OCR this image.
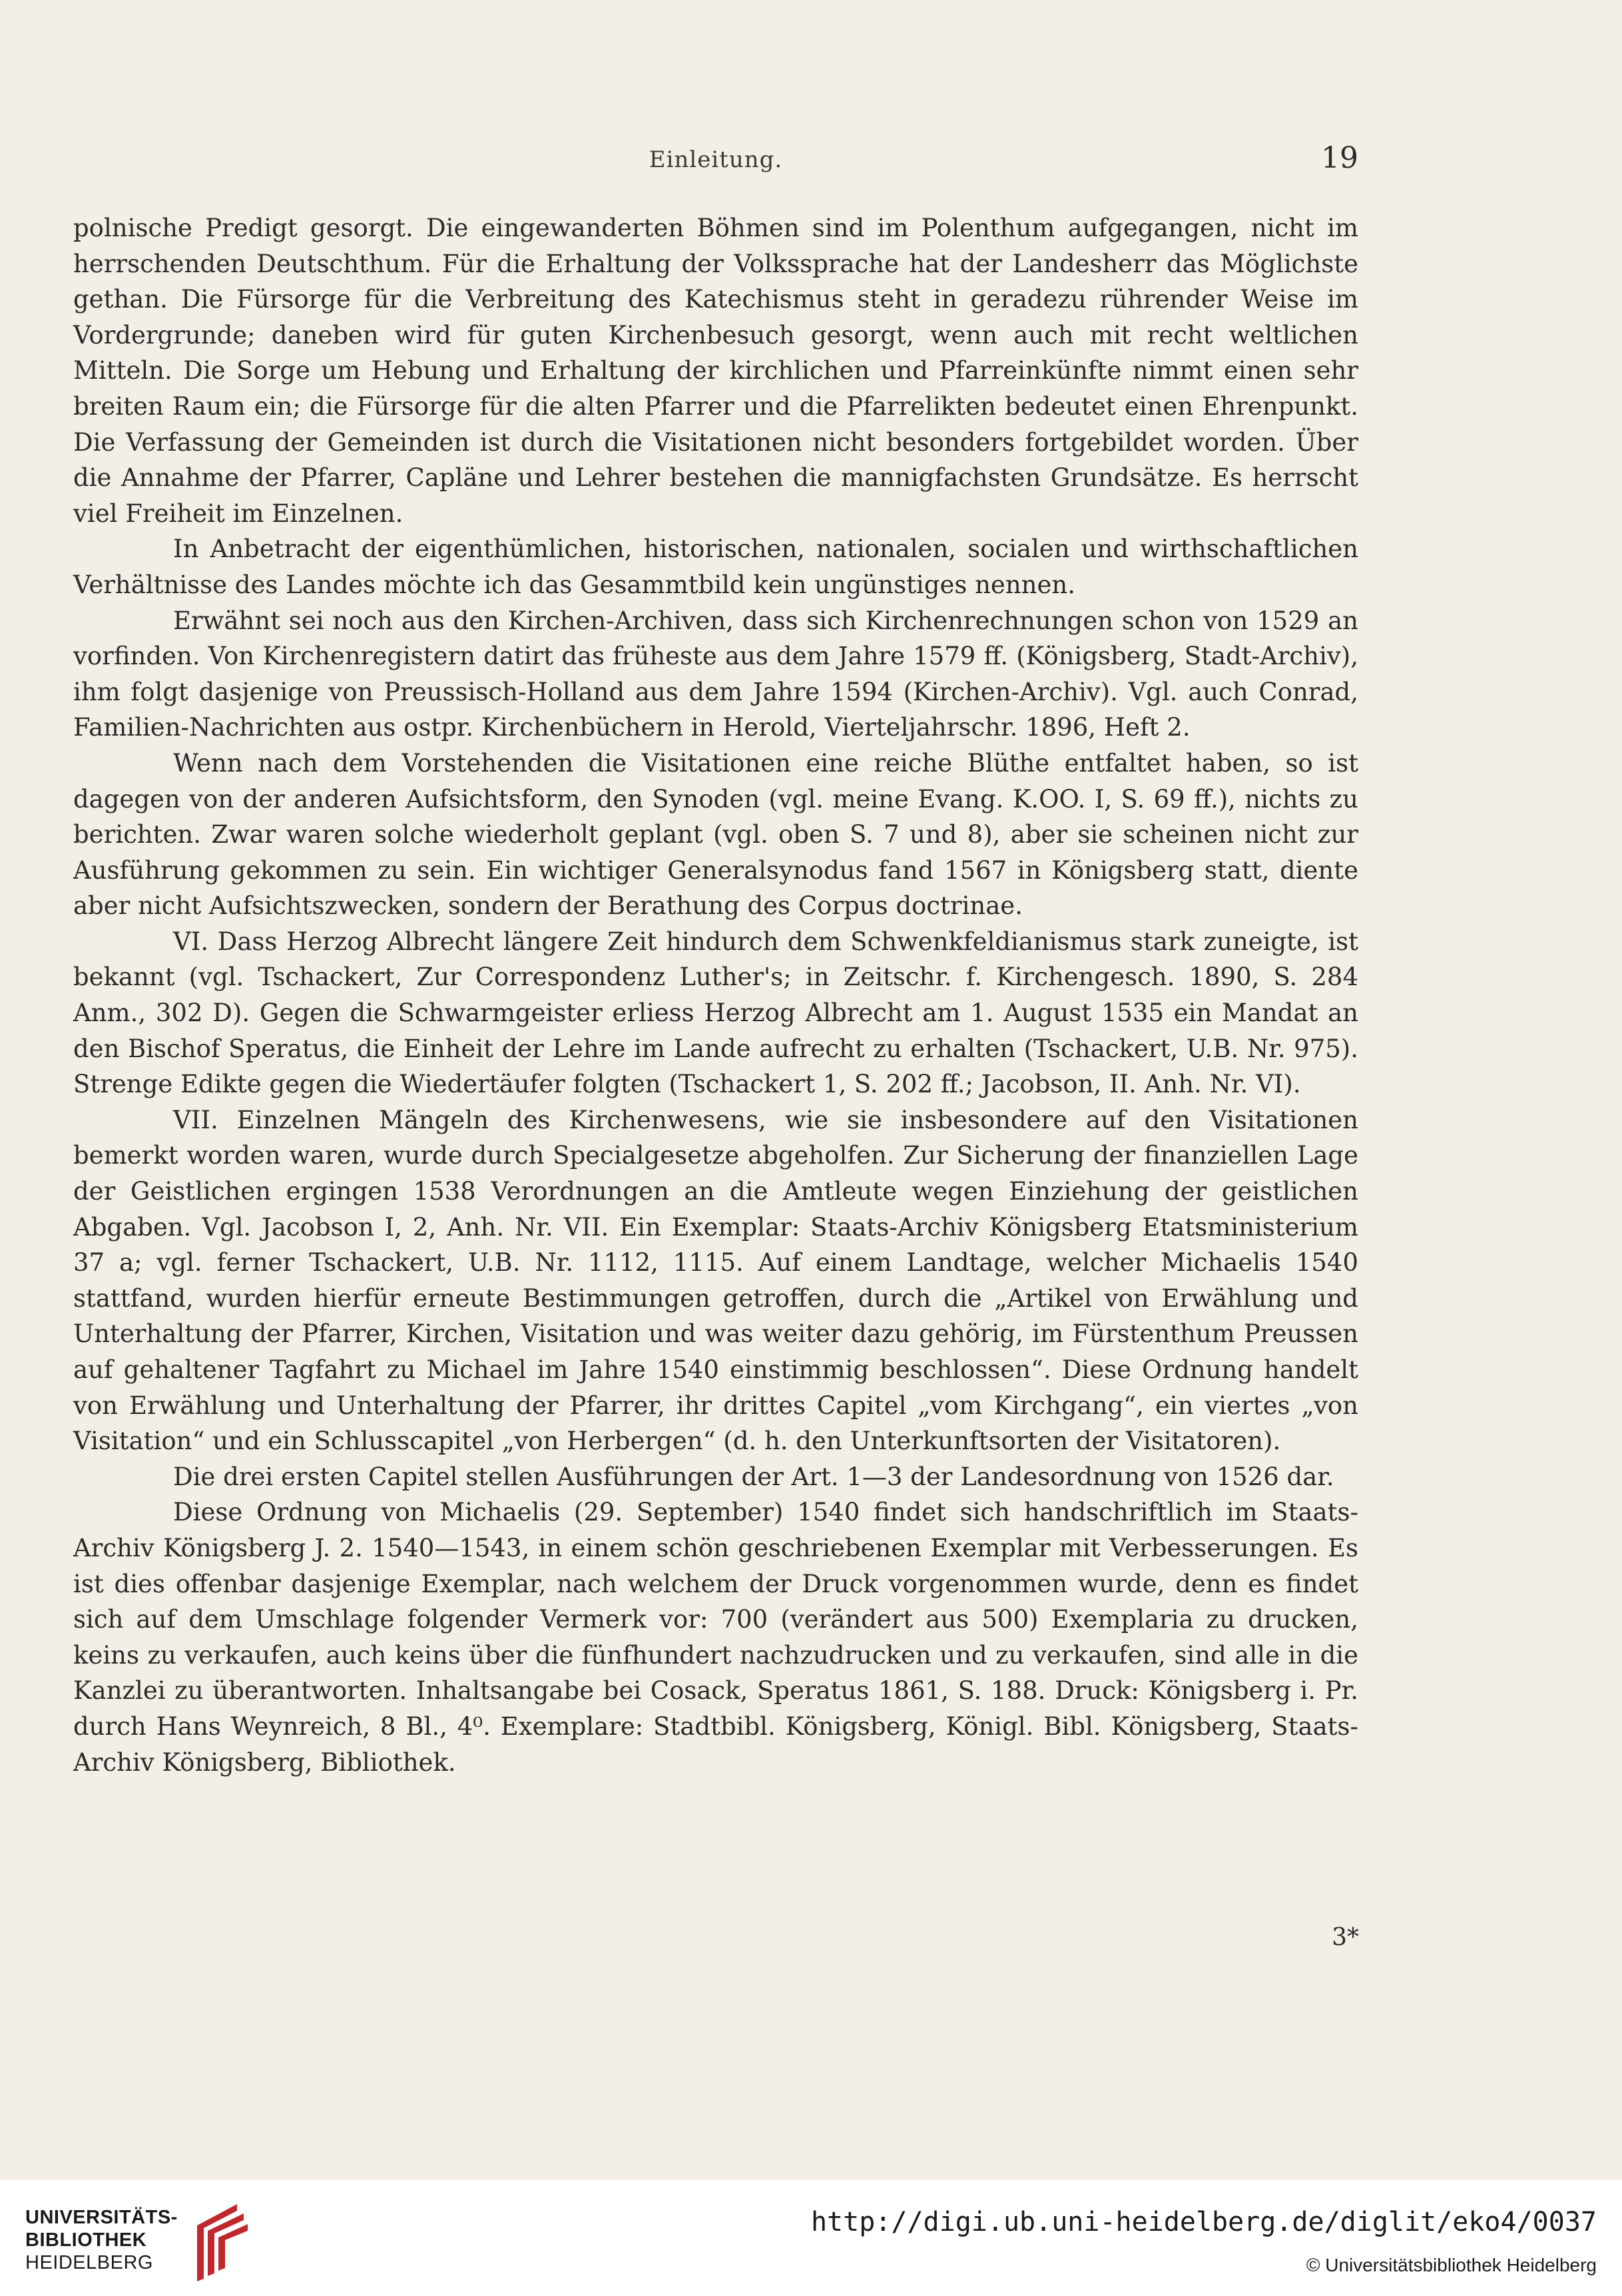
Einleitung.	19

polnische Predigt gesorgt. Die eingewanderten Böhmen sind im Polenthum aufgegangen, nicht im herrschenden Deutschthum. Für die Erhaltung der Volkssprache hat der Landesherr das Möglichste gethan. Die Fürsorge für die Verbreitung des Katechismus steht in geradezu rührender Weise im Vordergrunde; daneben wird für guten Kirchenbesuch gesorgt, wenn auch mit recht weltlichen Mitteln. Die Sorge um Hebung und Erhaltung der kirchlichen und Pfarreinkünfte nimmt einen sehr breiten Raum ein; die Fürsorge für die alten Pfarrer und die Pfarrelikten bedeutet einen Ehrenpunkt. Die Verfassung der Gemeinden ist durch die Visitationen nicht besonders fortgebildet worden. Über die Annahme der Pfarrer, Capläne und Lehrer bestehen die mannigfachsten Grundsätze. Es herrscht viel Freiheit im Einzelnen.

In Anbetracht der eigenthümlichen, historischen, nationalen, socialen und wirthschaftlichen Verhältnisse des Landes möchte ich das Gesammtbild kein ungünstiges nennen.

Erwähnt sei noch aus den Kirchen-Archiven, dass sich Kirchenrechnungen schon von 1529 an vorfinden. Von Kirchenregistern datirt das früheste aus dem Jahre 1579 ff. (Königsberg, Stadt-Archiv), ihm folgt dasjenige von Preussisch-Holland aus dem Jahre 1594 (Kirchen-Archiv). Vgl. auch Conrad, Familien-Nachrichten aus ostpr. Kirchenbüchern in Herold, Vierteljahrschr. 1896, Heft 2.

Wenn nach dem Vorstehenden die Visitationen eine reiche Blüthe entfaltet haben, so ist dagegen von der anderen Aufsichtsform, den Synoden (vgl. meine Evang. K.OO. I, S. 69 ff.), nichts zu berichten. Zwar waren solche wiederholt geplant (vgl. oben S. 7 und 8), aber sie scheinen nicht zur Ausführung gekommen zu sein. Ein wichtiger Generalsynodus fand 1567 in Königsberg statt, diente aber nicht Aufsichtszwecken, sondern der Berathung des Corpus doctrinae.

VI. Dass Herzog Albrecht längere Zeit hindurch dem Schwenkfeldianismus stark zuneigte, ist bekannt (vgl. Tschackert, Zur Correspondenz Luther's; in Zeitschr. f. Kirchengesch. 1890, S. 284 Anm., 302 D). Gegen die Schwarmgeister erliess Herzog Albrecht am 1. August 1535 ein Mandat an den Bischof Speratus, die Einheit der Lehre im Lande aufrecht zu erhalten (Tschackert, U.B. Nr. 975). Strenge Edikte gegen die Wiedertäufer folgten (Tschackert 1, S. 202 ff.; Jacobson, II. Anh. Nr. VI).

VII. Einzelnen Mängeln des Kirchenwesens, wie sie insbesondere auf den Visitationen bemerkt worden waren, wurde durch Specialgesetze abgeholfen. Zur Sicherung der finanziellen Lage der Geistlichen ergingen 1538 Verordnungen an die Amtleute wegen Einziehung der geistlichen Abgaben. Vgl. Jacobson I, 2, Anh. Nr. VII. Ein Exemplar: Staats-Archiv Königsberg Etatsministerium 37 a; vgl. ferner Tschackert, U.B. Nr. 1112, 1115. Auf einem Landtage, welcher Michaelis 1540 stattfand, wurden hierfür erneute Bestimmungen getroffen, durch die „Artikel von Erwählung und Unterhaltung der Pfarrer, Kirchen, Visitation und was weiter dazu gehörig, im Fürstenthum Preussen auf gehaltener Tagfahrt zu Michael im Jahre 1540 einstimmig beschlossen“. Diese Ordnung handelt von Erwählung und Unterhaltung der Pfarrer, ihr drittes Capitel „vom Kirchgang“, ein viertes „von Visitation“ und ein Schlusscapitel „von Herbergen“ (d. h. den Unterkunftsorten der Visitatoren).

Die drei ersten Capitel stellen Ausführungen der Art. 1—3 der Landesordnung von 1526 dar.

Diese Ordnung von Michaelis (29. September) 1540 findet sich handschriftlich im Staats-Archiv Königsberg J. 2. 1540—1543, in einem schön geschriebenen Exemplar mit Verbesserungen. Es ist dies offenbar dasjenige Exemplar, nach welchem der Druck vorgenommen wurde, denn es findet sich auf dem Umschlage folgender Vermerk vor: 700 (verändert aus 500) Exemplaria zu drucken, keins zu verkaufen, auch keins über die fünfhundert nachzudrucken und zu verkaufen, sind alle in die Kanzlei zu überantworten. Inhaltsangabe bei Cosack, Speratus 1861, S. 188. Druck: Königsberg i. Pr. durch Hans Weynreich, 8 Bl., 4⁰. Exemplare: Stadtbibl. Königsberg, Königl. Bibl. Königsberg, Staats-Archiv Königsberg, Bibliothek.

3*
UNIVERSITÄTS-
BIBLIOTHEK
HEIDELBERG
http://digi.ub.uni-heidelberg.de/diglit/eko4/0037
© Universitätsbibliothek Heidelberg
